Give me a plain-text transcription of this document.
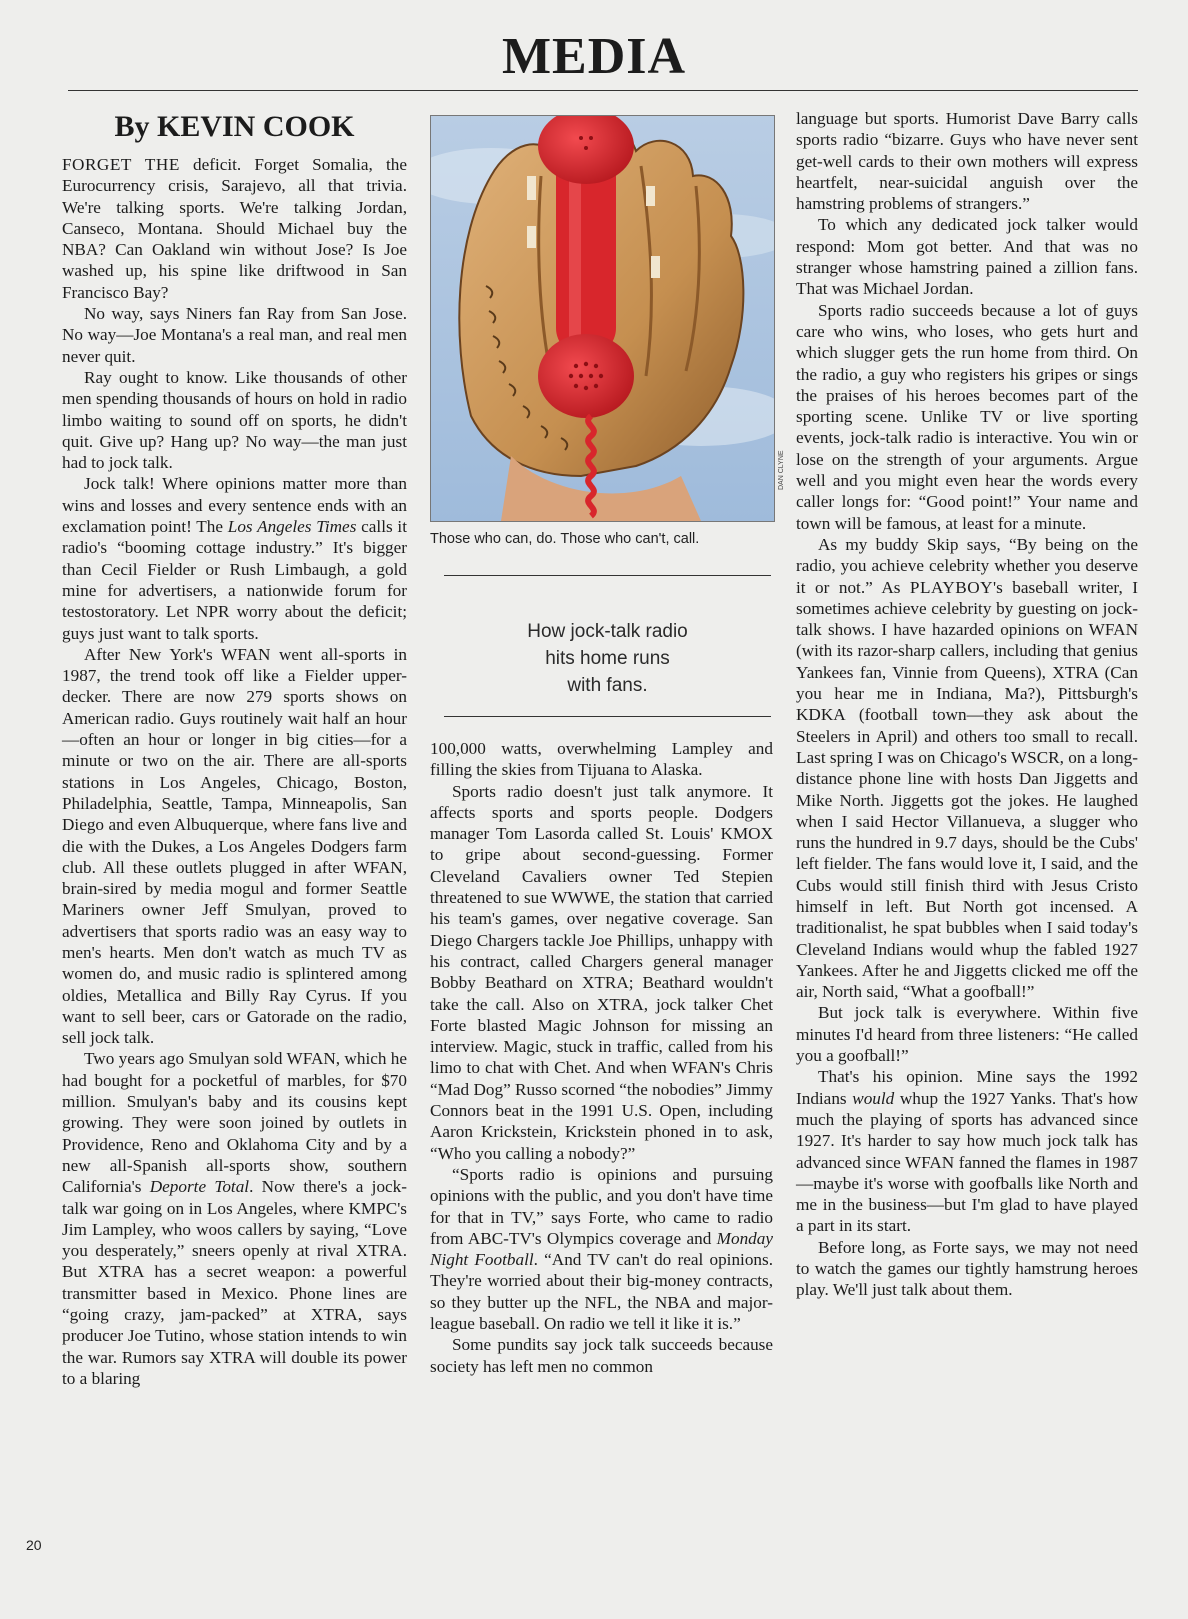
MEDIA
By KEVIN COOK

FORGET THE deficit. Forget Somalia, the Eurocurrency crisis, Sarajevo, all that trivia. We're talking sports. We're talking Jordan, Canseco, Montana. Should Michael buy the NBA? Can Oakland win without Jose? Is Joe washed up, his spine like driftwood in San Francisco Bay?

No way, says Niners fan Ray from San Jose. No way—Joe Montana's a real man, and real men never quit.

Ray ought to know. Like thousands of other men spending thousands of hours on hold in radio limbo waiting to sound off on sports, he didn't quit. Give up? Hang up? No way—the man just had to jock talk.

Jock talk! Where opinions matter more than wins and losses and every sentence ends with an exclamation point! The Los Angeles Times calls it radio's “booming cottage industry.” It's bigger than Cecil Fielder or Rush Limbaugh, a gold mine for advertisers, a nationwide forum for testostoratory. Let NPR worry about the deficit; guys just want to talk sports.

After New York's WFAN went all-sports in 1987, the trend took off like a Fielder upper-decker. There are now 279 sports shows on American radio. Guys routinely wait half an hour—often an hour or longer in big cities—for a minute or two on the air. There are all-sports stations in Los Angeles, Chicago, Boston, Philadelphia, Seattle, Tampa, Minneapolis, San Diego and even Albuquerque, where fans live and die with the Dukes, a Los Angeles Dodgers farm club. All these outlets plugged in after WFAN, brain-sired by media mogul and former Seattle Mariners owner Jeff Smulyan, proved to advertisers that sports radio was an easy way to men's hearts. Men don't watch as much TV as women do, and music radio is splintered among oldies, Metallica and Billy Ray Cyrus. If you want to sell beer, cars or Gatorade on the radio, sell jock talk.

Two years ago Smulyan sold WFAN, which he had bought for a pocketful of marbles, for $70 million. Smulyan's baby and its cousins kept growing. They were soon joined by outlets in Providence, Reno and Oklahoma City and by a new all-Spanish all-sports show, southern California's Deporte Total. Now there's a jock-talk war going on in Los Angeles, where KMPC's Jim Lampley, who woos callers by saying, “Love you desperately,” sneers openly at rival XTRA. But XTRA has a secret weapon: a powerful transmitter based in Mexico. Phone lines are “going crazy, jam-packed” at XTRA, says producer Joe Tutino, whose station intends to win the war. Rumors say XTRA will double its power to a blaring

DAN CLYNE
Those who can, do. Those who can't, call.
How jock-talk radio
hits home runs
with fans.

100,000 watts, overwhelming Lampley and filling the skies from Tijuana to Alaska.

Sports radio doesn't just talk anymore. It affects sports and sports people. Dodgers manager Tom Lasorda called St. Louis' KMOX to gripe about second-guessing. Former Cleveland Cavaliers owner Ted Stepien threatened to sue WWWE, the station that carried his team's games, over negative coverage. San Diego Chargers tackle Joe Phillips, unhappy with his contract, called Chargers general manager Bobby Beathard on XTRA; Beathard wouldn't take the call. Also on XTRA, jock talker Chet Forte blasted Magic Johnson for missing an interview. Magic, stuck in traffic, called from his limo to chat with Chet. And when WFAN's Chris “Mad Dog” Russo scorned “the nobodies” Jimmy Connors beat in the 1991 U.S. Open, including Aaron Krickstein, Krickstein phoned in to ask, “Who you calling a nobody?”

“Sports radio is opinions and pursuing opinions with the public, and you don't have time for that in TV,” says Forte, who came to radio from ABC-TV's Olympics coverage and Monday Night Football. “And TV can't do real opinions. They're worried about their big-money contracts, so they butter up the NFL, the NBA and major-league baseball. On radio we tell it like it is.”

Some pundits say jock talk succeeds because society has left men no common

language but sports. Humorist Dave Barry calls sports radio “bizarre. Guys who have never sent get-well cards to their own mothers will express heartfelt, near-suicidal anguish over the hamstring problems of strangers.”

To which any dedicated jock talker would respond: Mom got better. And that was no stranger whose hamstring pained a zillion fans. That was Michael Jordan.

Sports radio succeeds because a lot of guys care who wins, who loses, who gets hurt and which slugger gets the run home from third. On the radio, a guy who registers his gripes or sings the praises of his heroes becomes part of the sporting scene. Unlike TV or live sporting events, jock-talk radio is interactive. You win or lose on the strength of your arguments. Argue well and you might even hear the words every caller longs for: “Good point!” Your name and town will be famous, at least for a minute.

As my buddy Skip says, “By being on the radio, you achieve celebrity whether you deserve it or not.” As PLAYBOY's baseball writer, I sometimes achieve celebrity by guesting on jock-talk shows. I have hazarded opinions on WFAN (with its razor-sharp callers, including that genius Yankees fan, Vinnie from Queens), XTRA (Can you hear me in Indiana, Ma?), Pittsburgh's KDKA (football town—they ask about the Steelers in April) and others too small to recall. Last spring I was on Chicago's WSCR, on a long-distance phone line with hosts Dan Jiggetts and Mike North. Jiggetts got the jokes. He laughed when I said Hector Villanueva, a slugger who runs the hundred in 9.7 days, should be the Cubs' left fielder. The fans would love it, I said, and the Cubs would still finish third with Jesus Cristo himself in left. But North got incensed. A traditionalist, he spat bubbles when I said today's Cleveland Indians would whup the fabled 1927 Yankees. After he and Jiggetts clicked me off the air, North said, “What a goofball!”

But jock talk is everywhere. Within five minutes I'd heard from three listeners: “He called you a goofball!”

That's his opinion. Mine says the 1992 Indians would whup the 1927 Yanks. That's how much the playing of sports has advanced since 1927. It's harder to say how much jock talk has advanced since WFAN fanned the flames in 1987—maybe it's worse with goofballs like North and me in the business—but I'm glad to have played a part in its start.

Before long, as Forte says, we may not need to watch the games our tightly hamstrung heroes play. We'll just talk about them.

20
